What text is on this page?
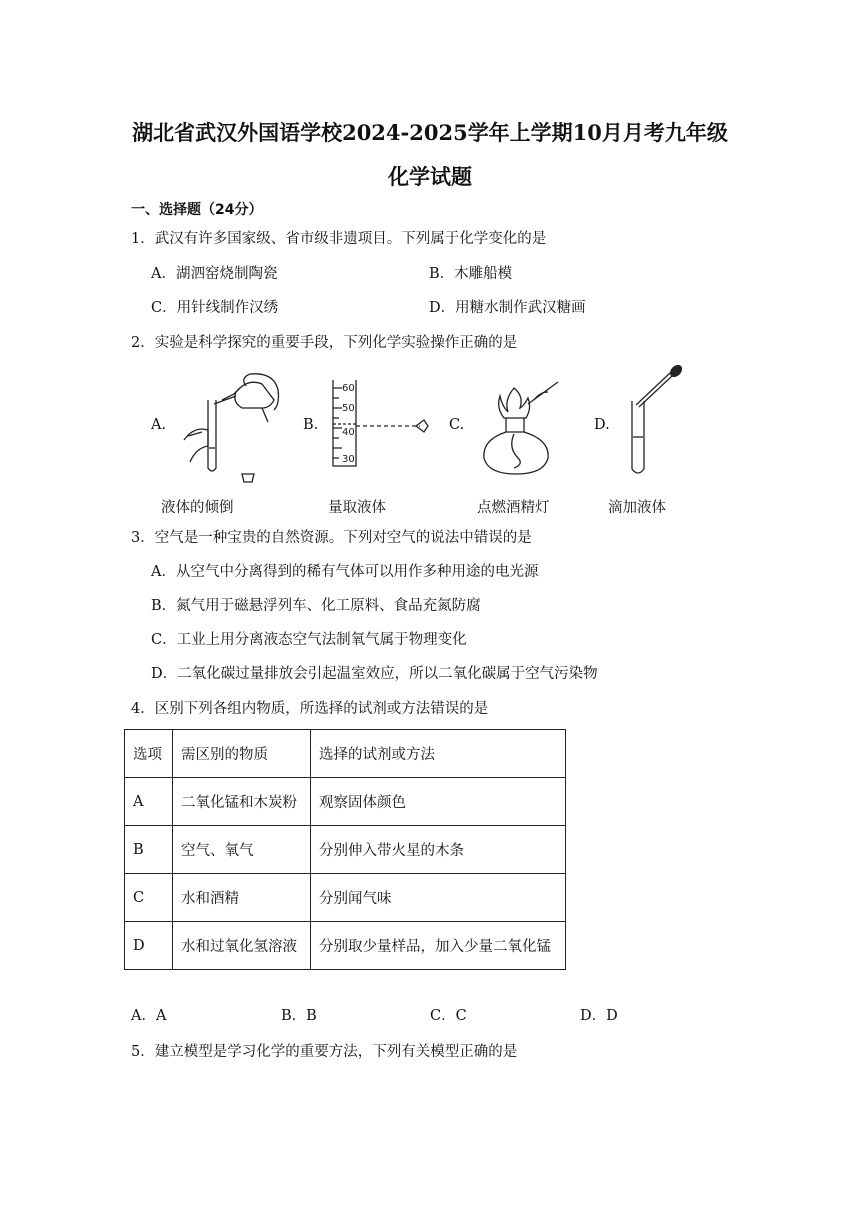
湖北省武汉外国语学校2024-2025学年上学期10月月考九年级
化学试题
一、选择题（24分）
1．武汉有许多国家级、省市级非遗项目。下列属于化学变化的是
A．湖泗窑烧制陶瓷	B．木雕船模
C．用针线制作汉绣	D．用糖水制作武汉糖画
2．实验是科学探究的重要手段，下列化学实验操作正确的是
A.	B.	C.	D.
60
50
40
30
液体的倾倒	量取液体	点燃酒精灯	滴加液体
3．空气是一种宝贵的自然资源。下列对空气的说法中错误的是
A．从空气中分离得到的稀有气体可以用作多种用途的电光源
B．氮气用于磁悬浮列车、化工原料、食品充氮防腐
C．工业上用分离液态空气法制氧气属于物理变化
D．二氧化碳过量排放会引起温室效应，所以二氧化碳属于空气污染物
4．区别下列各组内物质，所选择的试剂或方法错误的是
选项	需区别的物质	选择的试剂或方法
A	二氧化锰和木炭粉	观察固体颜色
B	空气、氧气	分别伸入带火星的木条
C	水和酒精	分别闻气味
D	水和过氧化氢溶液	分别取少量样品，加入少量二氧化锰
A．A	B．B	C．C	D．D
5．建立模型是学习化学的重要方法，下列有关模型正确的是
